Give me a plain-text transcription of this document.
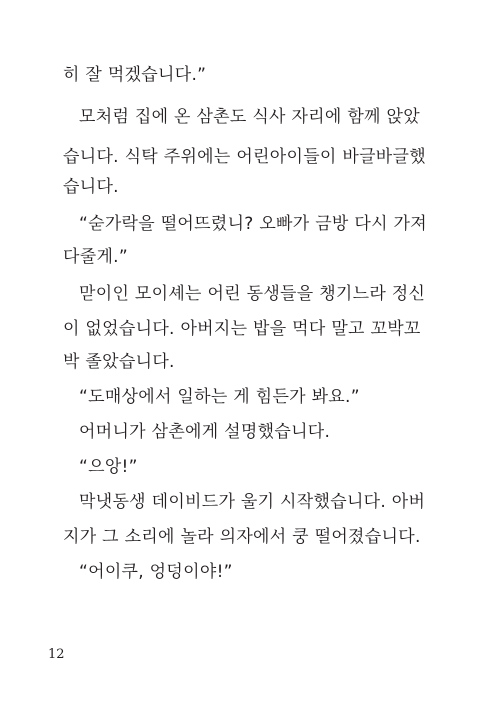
히 잘 먹겠습니다.”
모처럼 집에 온 삼촌도 식사 자리에 함께 앉았
습니다. 식탁 주위에는 어린아이들이 바글바글했
습니다.
“숟가락을 떨어뜨렸니? 오빠가 금방 다시 가져
다줄게.”
맏이인 모이셰는 어린 동생들을 챙기느라 정신
이 없었습니다. 아버지는 밥을 먹다 말고 꼬박꼬
박 졸았습니다.
“도매상에서 일하는 게 힘든가 봐요.”
어머니가 삼촌에게 설명했습니다.
“으앙!”
막냇동생 데이비드가 울기 시작했습니다. 아버
지가 그 소리에 놀라 의자에서 쿵 떨어졌습니다.
“어이쿠, 엉덩이야!”
12
